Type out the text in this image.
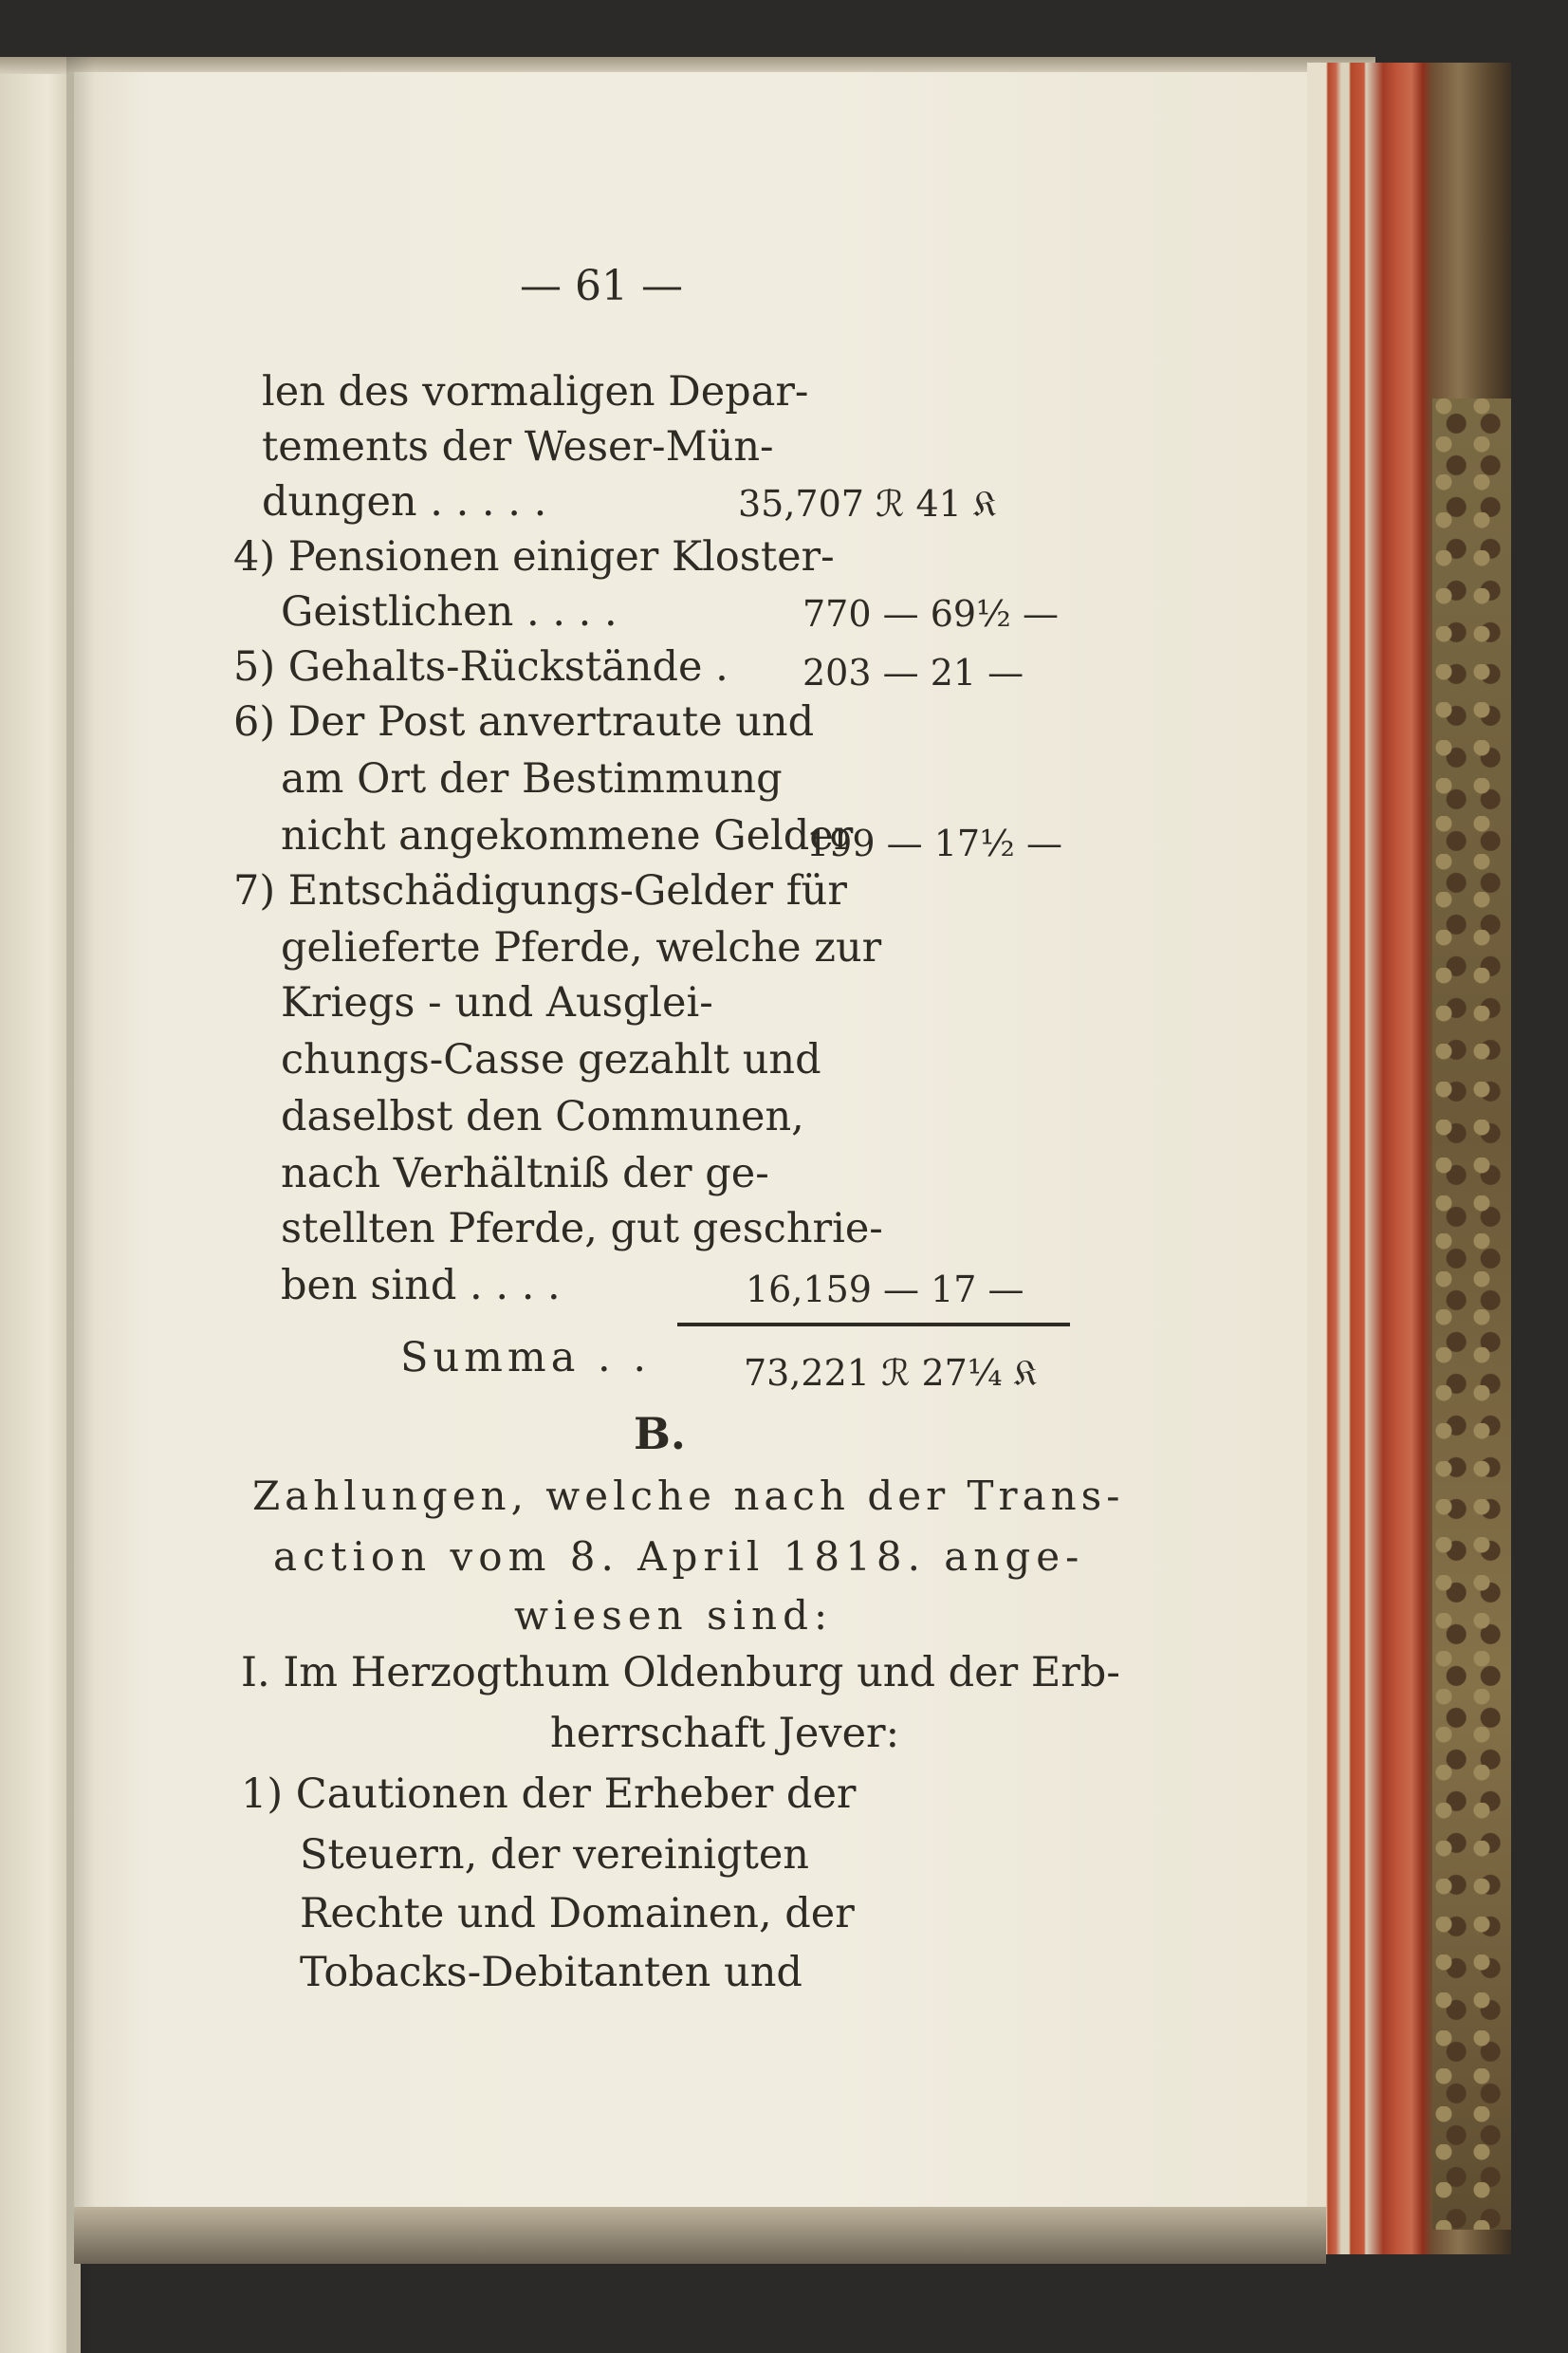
— 61 —
len des vormaligen Depar-
tements der Weser-Mün-
dungen . . . . .	35,707 ℛ︎ 41 𝔎
4) Pensionen einiger Kloster-
Geistlichen . . . .	770 — 69½ —
5) Gehalts-Rückstände . 203 — 21 —
6) Der Post anvertraute und
am Ort der Bestimmung
nicht angekommene Gelder
199 — 17½ —
7) Entschädigungs-Gelder für
gelieferte Pferde, welche zur
Kriegs - und Ausglei-
chungs-Casse gezahlt und
daselbst den Communen,
nach Verhältniß der ge-
stellten Pferde, gut geschrie-
ben sind . . . .	16,159 — 17 —
Summa . .	73,221 ℛ︎ 27¼ 𝔎
B.
Zahlungen, welche nach der Trans-
action vom 8. April 1818. ange-
wiesen sind:
I. Im Herzogthum Oldenburg und der Erb-
herrschaft Jever:
1) Cautionen der Erheber der
Steuern, der vereinigten
Rechte und Domainen, der
Tobacks-Debitanten und
